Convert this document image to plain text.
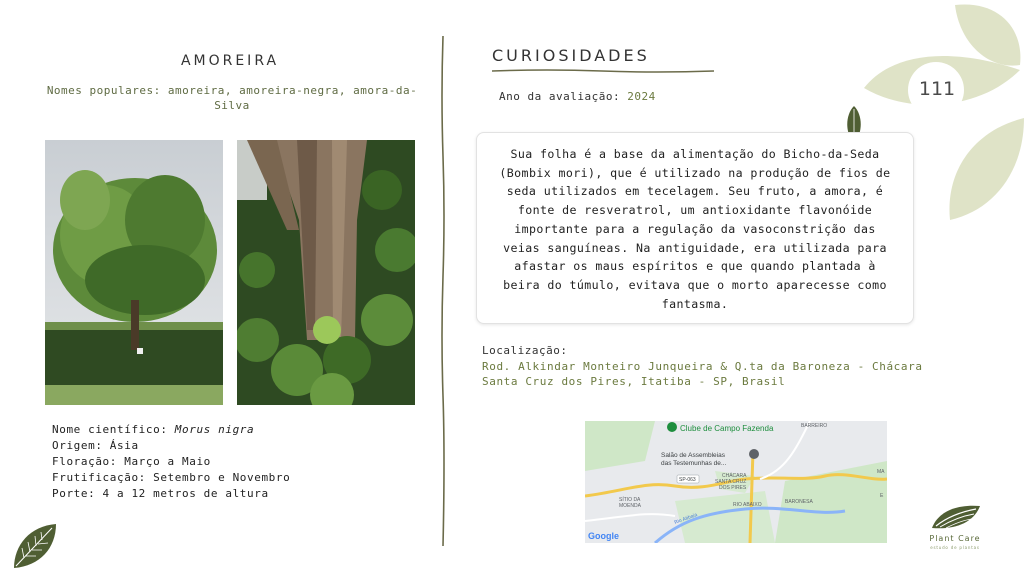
AMOREIRA
Nomes populares: amoreira, amoreira-negra, amora-da-Silva
Nome científico: Morus nigra
Origem: Ásia
Floração: Março a Maio
Frutificação: Setembro e Novembro
Porte: 4 a 12 metros de altura
CURIOSIDADES
Ano da avaliação: 2024
Sua folha é a base da alimentação do Bicho-da-Seda (Bombix mori), que é utilizado na produção de fios de seda utilizados em tecelagem. Seu fruto, a amora, é fonte de resveratrol, um antioxidante flavonóide importante para a regulação da vasoconstrição das veias sanguíneas. Na antiguidade, era utilizada para afastar os maus espíritos e que quando plantada à beira do túmulo, evitava que o morto aparecesse como fantasma.
Localização:
Rod. Alkindar Monteiro Junqueira & Q.ta da Baroneza - Chácara Santa Cruz dos Pires, Itatiba - SP, Brasil
Clube de Campo Fazenda
Salão de Assembleias
das Testemunhas de...
BARREIRO
CHÁCARA
SANTA CRUZ
DOS PIRES
SP-063
SÍTIO DA
MOENDA	RIO ABAIXO	BARONESA
Rio Atibaia
MA
E
Google
111
Plant Care
estudo de plantas
